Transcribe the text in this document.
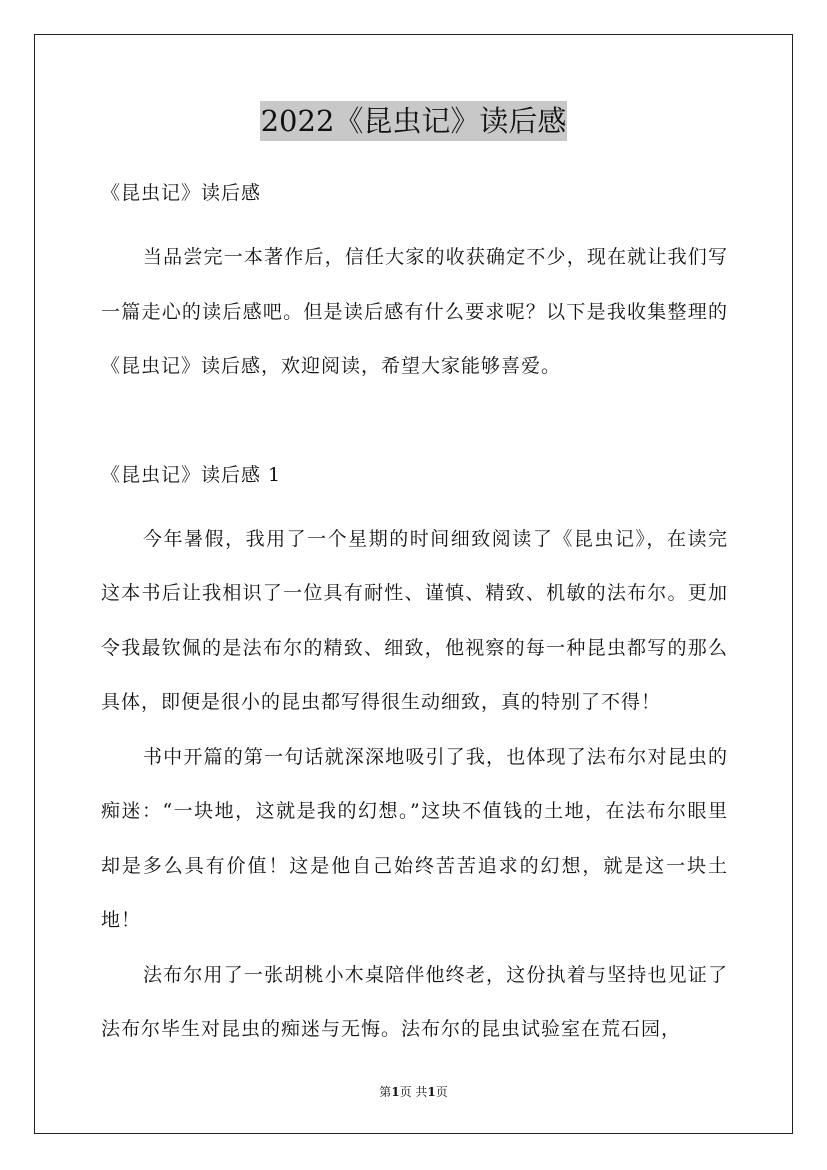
2022《昆虫记》读后感

《昆虫记》读后感

当品尝完一本著作后，信任大家的收获确定不少，现在就让我们写一篇走心的读后感吧。但是读后感有什么要求呢？以下是我收集整理的《昆虫记》读后感，欢迎阅读，希望大家能够喜爱。

《昆虫记》读后感 1

今年暑假，我用了一个星期的时间细致阅读了《昆虫记》，在读完这本书后让我相识了一位具有耐性、谨慎、精致、机敏的法布尔。更加令我最钦佩的是法布尔的精致、细致，他视察的每一种昆虫都写的那么具体，即便是很小的昆虫都写得很生动细致，真的特别了不得！

书中开篇的第一句话就深深地吸引了我，也体现了法布尔对昆虫的痴迷：“一块地，这就是我的幻想。”这块不值钱的土地，在法布尔眼里却是多么具有价值！这是他自己始终苦苦追求的幻想，就是这一块土地！

法布尔用了一张胡桃小木桌陪伴他终老，这份执着与坚持也见证了法布尔毕生对昆虫的痴迷与无悔。法布尔的昆虫试验室在荒石园，

第1页 共1页
